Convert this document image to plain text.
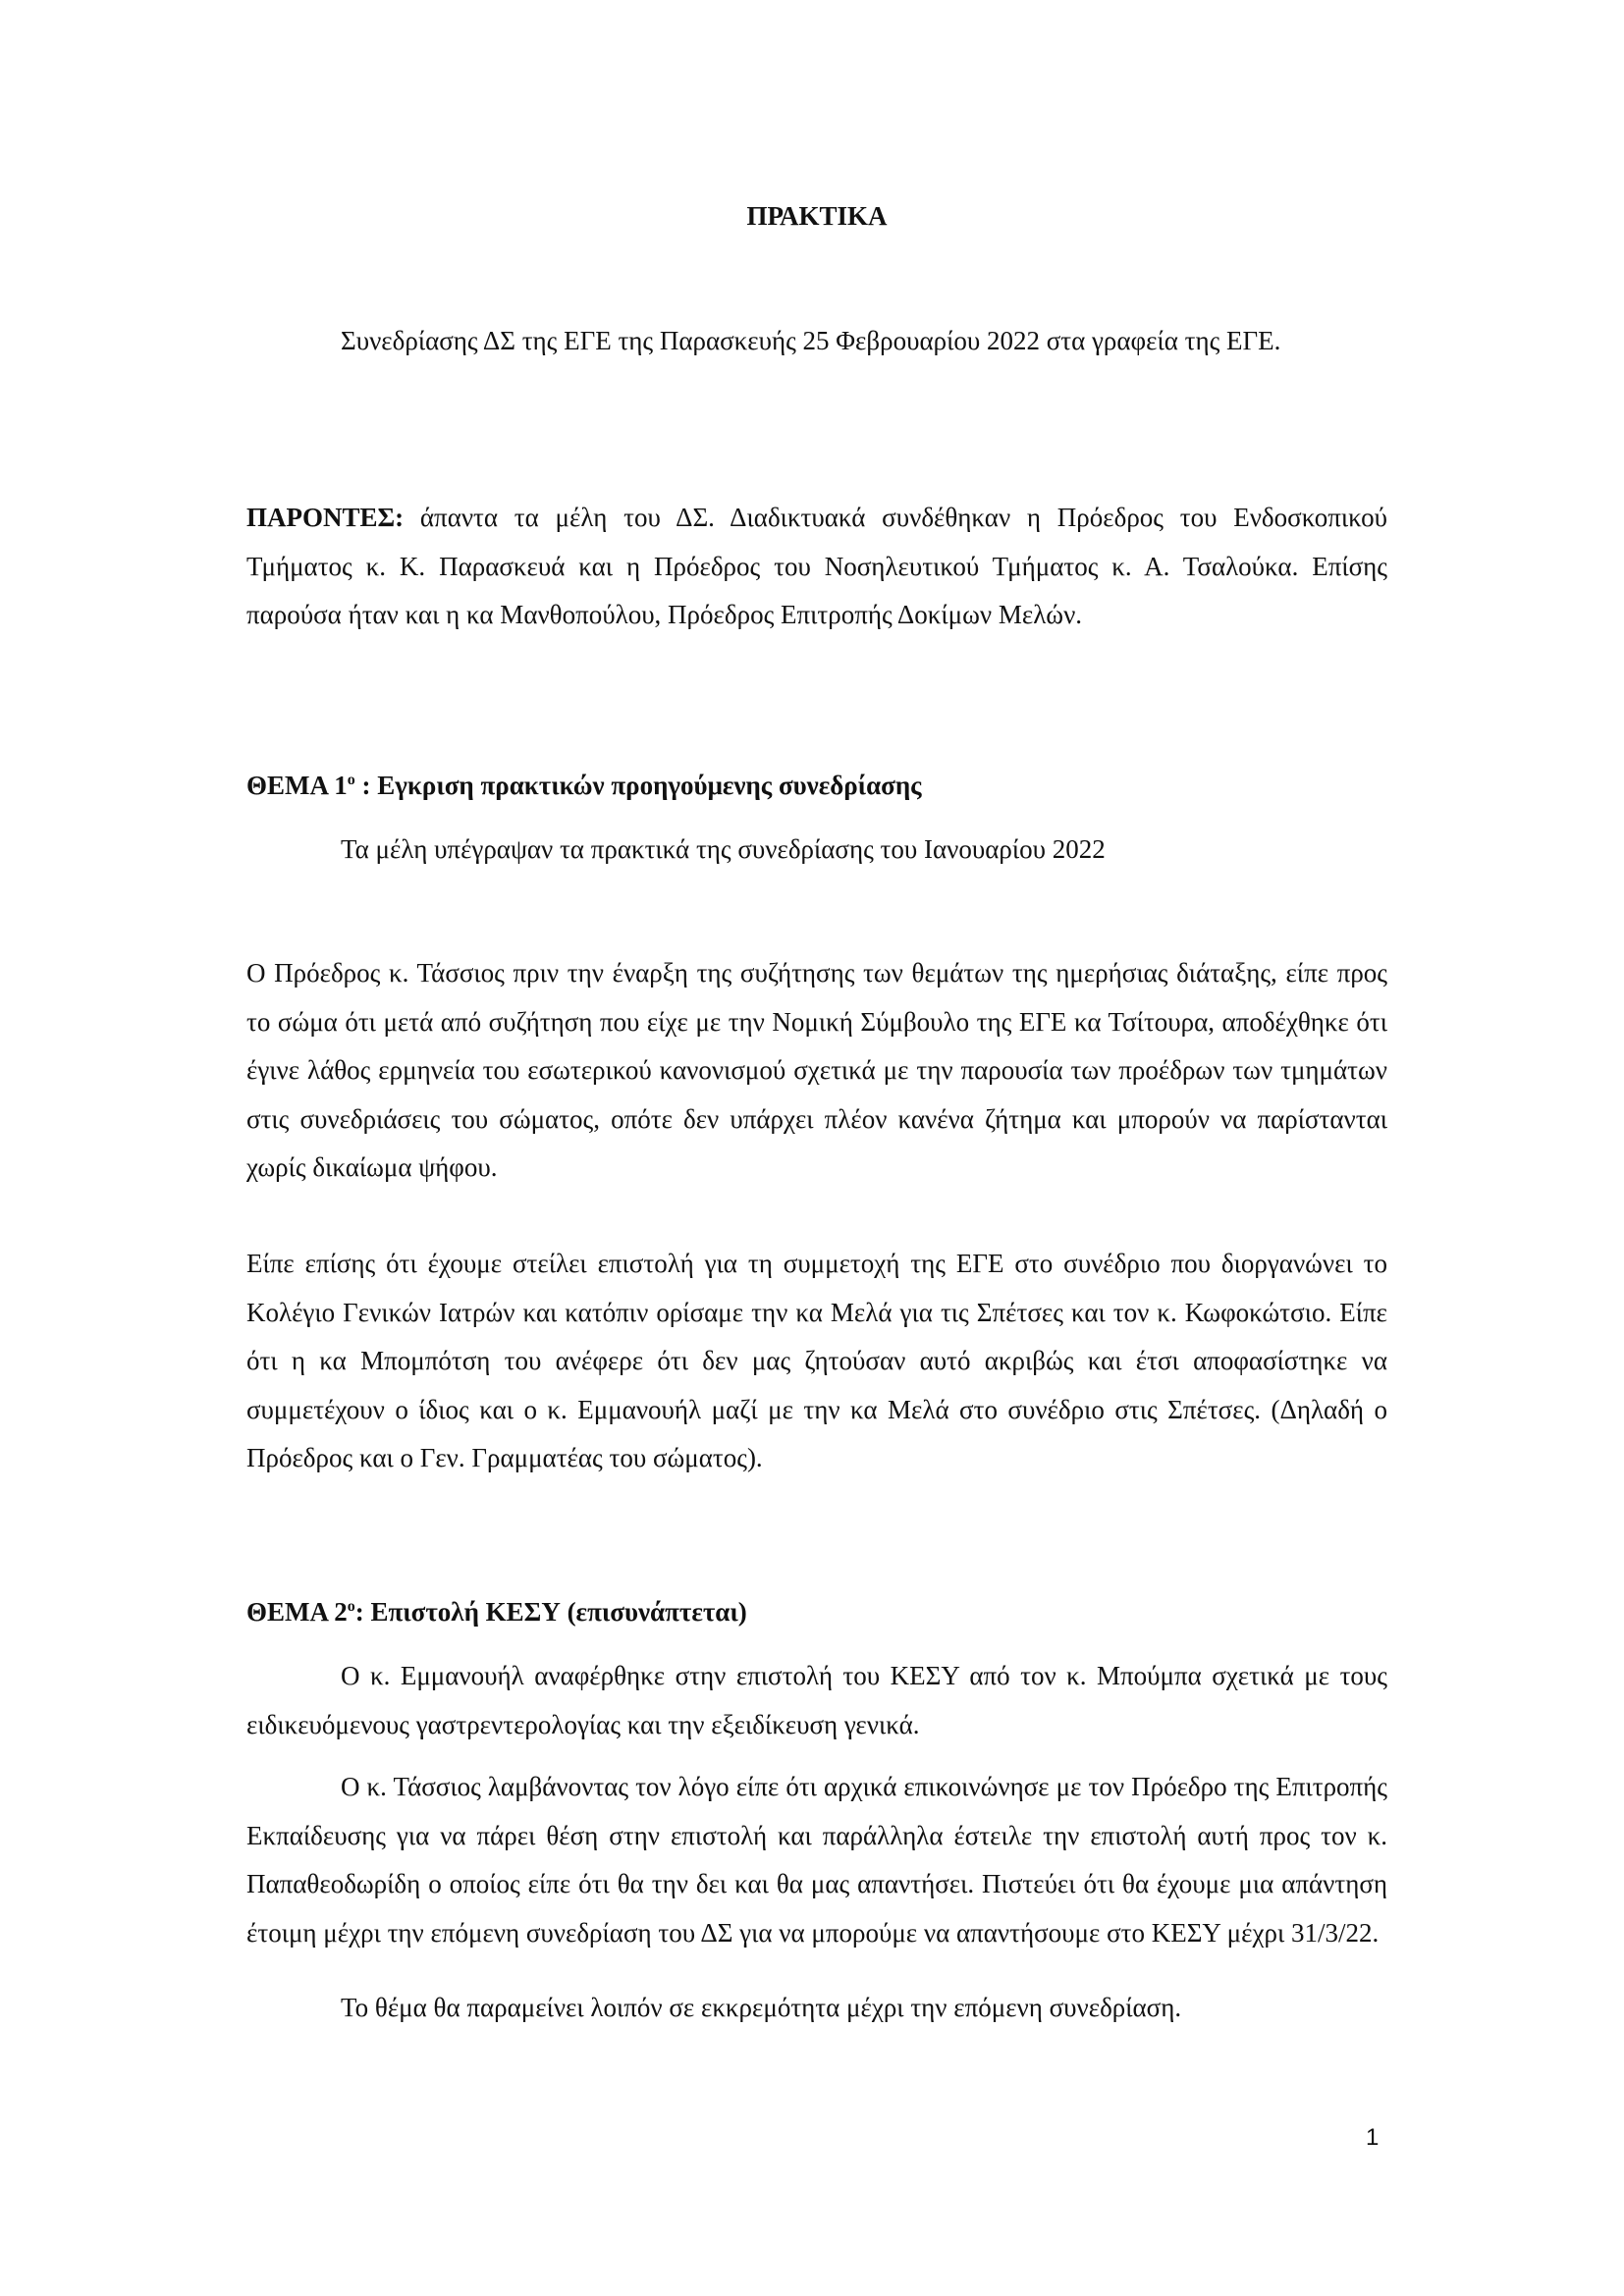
ΠΡΑΚΤΙΚΑ

Συνεδρίασης ΔΣ της ΕΓΕ της Παρασκευής 25 Φεβρουαρίου 2022 στα γραφεία της ΕΓΕ.

ΠΑΡΟΝΤΕΣ: άπαντα τα μέλη του ΔΣ. Διαδικτυακά συνδέθηκαν η Πρόεδρος του Ενδοσκοπικού Τμήματος κ. Κ. Παρασκευά και η Πρόεδρος του Νοσηλευτικού Τμήματος κ. Α. Τσαλούκα. Επίσης παρούσα ήταν και η κα Μανθοπούλου, Πρόεδρος Επιτροπής Δοκίμων Μελών.

ΘΕΜΑ $1^o$ : Εγκριση πρακτικών προηγούμενης συνεδρίασης

Τα μέλη υπέγραψαν τα πρακτικά της συνεδρίασης του Ιανουαρίου 2022

Ο Πρόεδρος κ. Τάσσιος πριν την έναρξη της συζήτησης των θεμάτων της ημερήσιας διάταξης, είπε προς το σώμα ότι μετά από συζήτηση που είχε με την Νομική Σύμβουλο της ΕΓΕ κα Τσίτουρα, αποδέχθηκε ότι έγινε λάθος ερμηνεία του εσωτερικού κανονισμού σχετικά με την παρουσία των προέδρων των τμημάτων στις συνεδριάσεις του σώματος, οπότε δεν υπάρχει πλέον κανένα ζήτημα και μπορούν να παρίστανται χωρίς δικαίωμα ψήφου.

Είπε επίσης ότι έχουμε στείλει επιστολή για τη συμμετοχή της ΕΓΕ στο συνέδριο που διοργανώνει το Κολέγιο Γενικών Ιατρών και κατόπιν ορίσαμε την κα Μελά για τις Σπέτσες και τον κ. Κωφοκώτσιο. Είπε ότι η κα Μπομπότση του ανέφερε ότι δεν μας ζητούσαν αυτό ακριβώς και έτσι αποφασίστηκε να συμμετέχουν ο ίδιος και ο κ. Εμμανουήλ μαζί με την κα Μελά στο συνέδριο στις Σπέτσες. (Δηλαδή ο Πρόεδρος και ο Γεν. Γραμματέας του σώματος).

ΘΕΜΑ $2^o$: Επιστολή ΚΕΣΥ (επισυνάπτεται)

Ο κ. Εμμανουήλ αναφέρθηκε στην επιστολή του ΚΕΣΥ από τον κ. Μπούμπα σχετικά με τους ειδικευόμενους γαστρεντερολογίας και την εξειδίκευση γενικά.

Ο κ. Τάσσιος λαμβάνοντας τον λόγο είπε ότι αρχικά επικοινώνησε με τον Πρόεδρο της Επιτροπής Εκπαίδευσης για να πάρει θέση στην επιστολή και παράλληλα έστειλε την επιστολή αυτή προς τον κ. Παπαθεοδωρίδη ο οποίος είπε ότι θα την δει και θα μας απαντήσει. Πιστεύει ότι θα έχουμε μια απάντηση έτοιμη μέχρι την επόμενη συνεδρίαση του ΔΣ για να μπορούμε να απαντήσουμε στο ΚΕΣΥ μέχρι 31/3/22.

Το θέμα θα παραμείνει λοιπόν σε εκκρεμότητα μέχρι την επόμενη συνεδρίαση.

1
